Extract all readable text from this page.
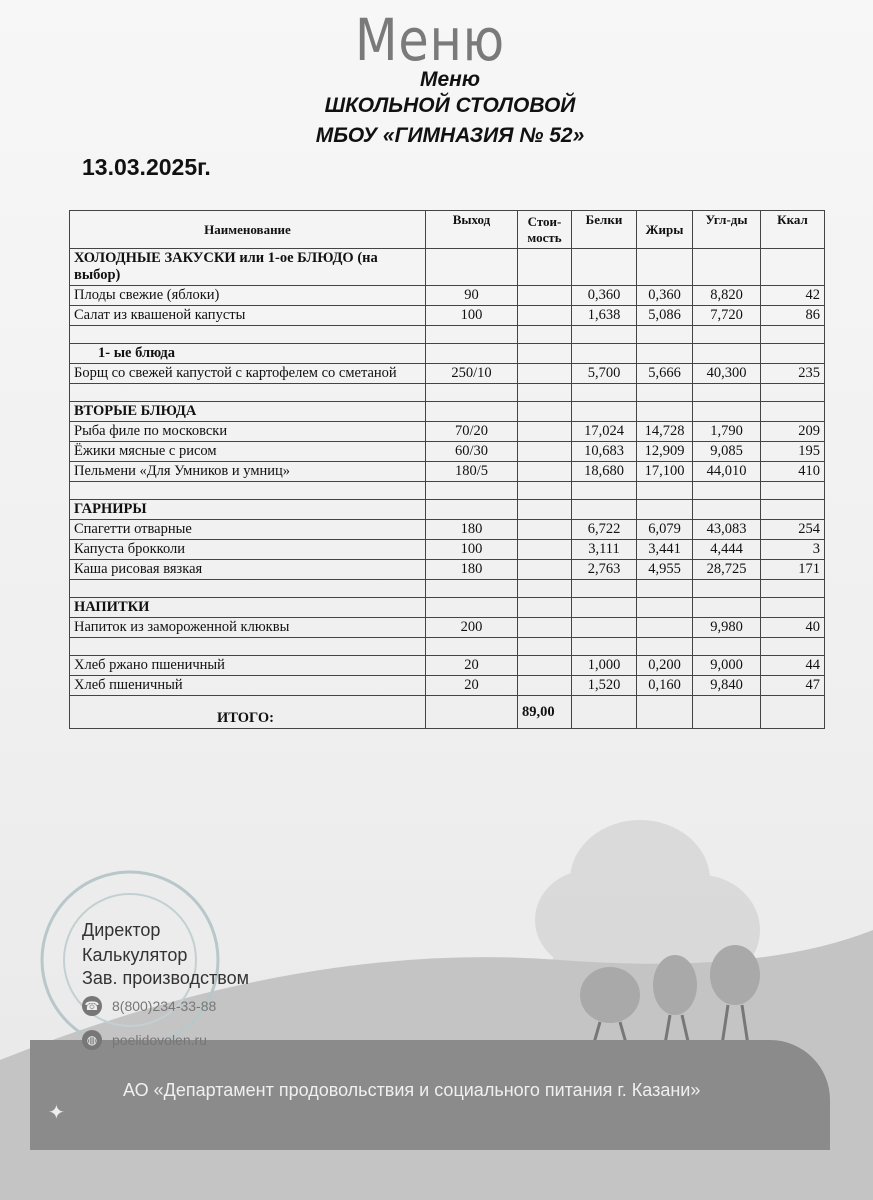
Меню
Меню
ШКОЛЬНОЙ СТОЛОВОЙ
МБОУ «ГИМНАЗИЯ № 52»
13.03.2025г.
Наименование	Выход	Стои-мость	Белки	Жиры	Угл-ды	Ккал
ХОЛОДНЫЕ ЗАКУСКИ или 1-ое БЛЮДО (на выбор)						
Плоды свежие (яблоки)	90		0,360	0,360	8,820	42
Салат из квашеной капусты	100		1,638	5,086	7,720	86

1- ые блюда						
Борщ со свежей капустой с картофелем со сметаной	250/10		5,700	5,666	40,300	235

ВТОРЫЕ БЛЮДА						
Рыба филе по московски	70/20		17,024	14,728	1,790	209
Ёжики мясные с рисом	60/30		10,683	12,909	9,085	195
Пельмени «Для Умников и умниц»	180/5		18,680	17,100	44,010	410

ГАРНИРЫ						
Спагетти отварные	180		6,722	6,079	43,083	254
Капуста брокколи	100		3,111	3,441	4,444	3
Каша рисовая вязкая	180		2,763	4,955	28,725	171

НАПИТКИ						
Напиток из замороженной клюквы	200				9,980	40

Хлеб ржано пшеничный	20		1,000	0,200	9,000	44
Хлеб пшеничный	20		1,520	0,160	9,840	47
ИТОГО:		89,00				
АО «Департамент продовольствия и социального питания г. Казани»
Директор
Калькулятор
Зав. производством
☎ 8(800)234-33-88
◍	poelidovolen.ru
✦
